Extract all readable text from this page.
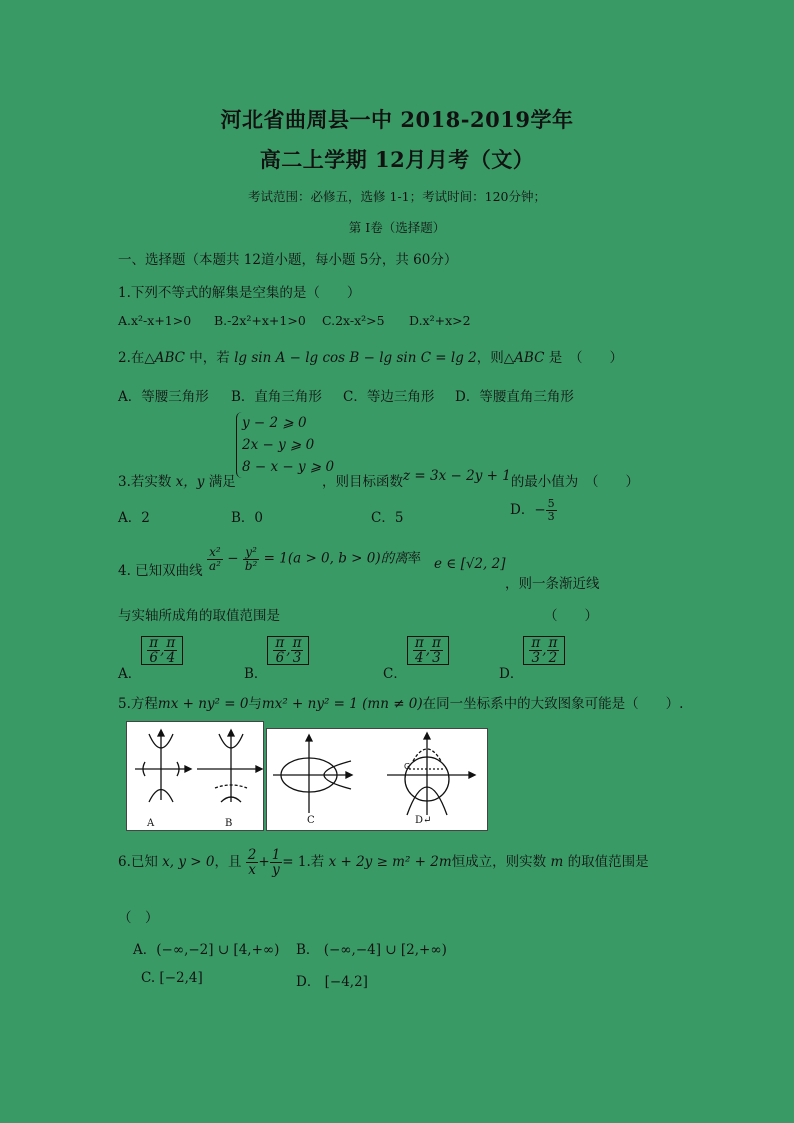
河北省曲周县一中 2018-2019学年
高二上学期 12月月考（文）
考试范围：必修五，选修 1-1；考试时间：120分钟；
第 I卷（选择题）
一、选择题（本题共 12道小题，每小题 5分，共 60分）
1.下列不等式的解集是空集的是（　　）
A.x²-x+1>0 B.-2x²+x+1>0 C.2x-x²>5 D.x²+x>2
2.在△ABC 中，若 lg sin A − lg cos B − lg sin C = lg 2，则△ABC 是　（　　）
A．等腰三角形 B．直角三角形 C．等边三角形 D．等腰直角三角形
y − 2 ⩾ 0
2x − y ⩾ 0
8 − x − y ⩾ 0
3.若实数 x，y 满足	，则目标函数z = 3x − 2y + 1的最小值为　（　　）
A．2	B．0	C．5	D．− $\frac{5}{3}$
4. 已知双曲线 $\frac{\text{x²}}{\text{a²}} - \frac{\text{y²}}{\text{b²}} = 1(a > 0$, b > 0)的离率 e ∈ [√2, 2]
，则一条渐近线
与实轴所成角的取值范围是	（　　）
A．
$\frac{\pi}{6}$ , $\frac{\pi}{4}$
B．
$\frac{\pi}{6}$ , $\frac{\pi}{3}$
C．
$\frac{\pi}{4}$ , $\frac{\pi}{3}$
D．
$\frac{\pi}{3}$ , $\frac{\pi}{2}$
5.方程mx + ny² = 0与mx² + ny² = 1 (mn ≠ 0)在同一坐标系中的大致图象可能是（　　）.
A	B
G
C	D↵
6.已知 x, y > 0，且 $\frac{2}{x} + \frac{1}{y} = 1$.若 x + 2y ≥ m² + 2m恒成立，则实数 m 的取值范围是
（　）
A．(−∞,−2] ∪ [4,+∞) B． (−∞,−4] ∪ [2,+∞)
C. [−2,4]	D． [−4,2]
